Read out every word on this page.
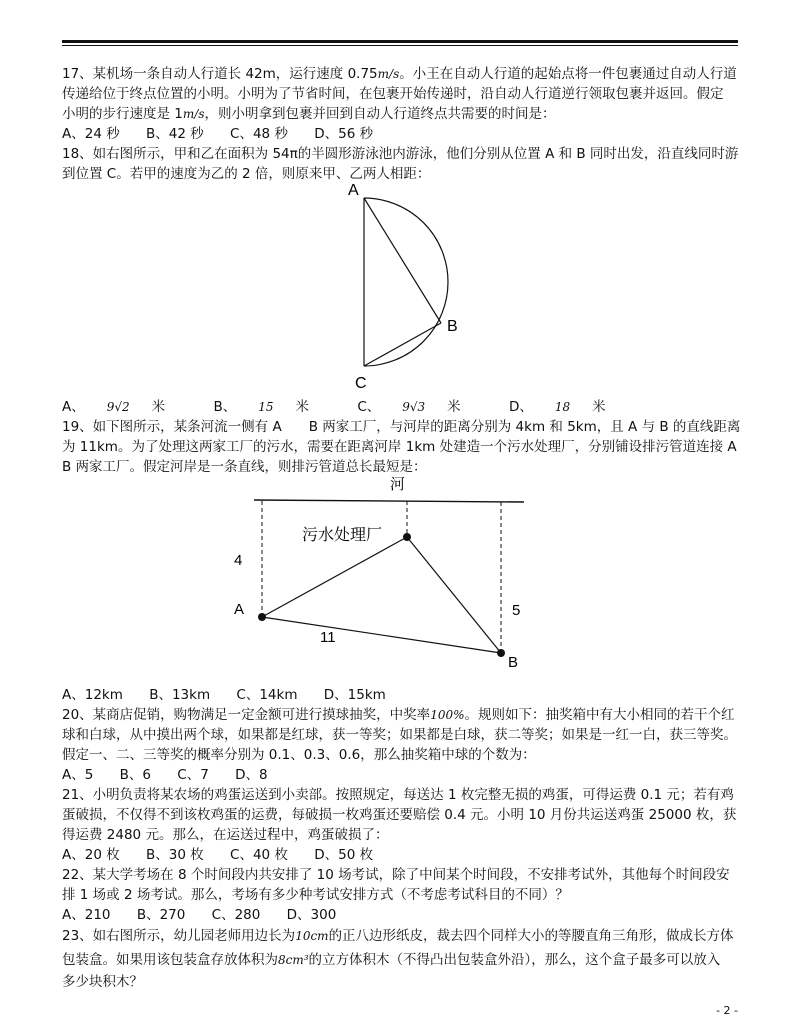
17、某机场一条自动人行道长 42m，运行速度 0.75m/s。小王在自动人行道的起始点将一件包裹通过自动人行道
传递给位于终点位置的小明。小明为了节省时间，在包裹开始传递时，沿自动人行道逆行领取包裹并返回。假定
小明的步行速度是 1m/s，则小明拿到包裹并回到自动人行道终点共需要的时间是：
A、24 秒 B、42 秒 C、48 秒 D、56 秒
18、如右图所示，甲和乙在面积为 54π的半圆形游泳池内游泳，他们分别从位置 A 和 B 同时出发，沿直线同时游
到位置 C。若甲的速度为乙的 2 倍，则原来甲、乙两人相距：
A
B
C
A、 9√2 米	B、 15 米	C、 9√3 米	D、 18 米
19、如下图所示，某条河流一侧有 A　　B 两家工厂，与河岸的距离分别为 4km 和 5km，且 A 与 B 的直线距离
为 11km。为了处理这两家工厂的污水，需要在距离河岸 1km 处建造一个污水处理厂，分别铺设排污管道连接 A
B 两家工厂。假定河岸是一条直线，则排污管道总长最短是：
河
污水处理厂
4
5
11
A
B
A、12km B、13km C、14km D、15km
20、某商店促销，购物满足一定金额可进行摸球抽奖，中奖率100%。规则如下：抽奖箱中有大小相同的若干个红
球和白球，从中摸出两个球，如果都是红球，获一等奖；如果都是白球，获二等奖；如果是一红一白，获三等奖。
假定一、二、三等奖的概率分别为 0.1、0.3、0.6，那么抽奖箱中球的个数为：
A、5 B、6 C、7 D、8
21、小明负责将某农场的鸡蛋运送到小卖部。按照规定，每送达 1 枚完整无损的鸡蛋，可得运费 0.1 元；若有鸡
蛋破损，不仅得不到该枚鸡蛋的运费，每破损一枚鸡蛋还要赔偿 0.4 元。小明 10 月份共运送鸡蛋 25000 枚，获
得运费 2480 元。那么，在运送过程中，鸡蛋破损了：
A、20 枚 B、30 枚 C、40 枚 D、50 枚
22、某大学考场在 8 个时间段内共安排了 10 场考试，除了中间某个时间段，不安排考试外，其他每个时间段安
排 1 场或 2 场考试。那么，考场有多少种考试安排方式（不考虑考试科目的不同）？
A、210 B、270 C、280 D、300
23、如右图所示，幼儿园老师用边长为10cm的正八边形纸皮，裁去四个同样大小的等腰直角三角形，做成长方体
包装盒。如果用该包装盒存放体积为8cm³的立方体积木（不得凸出包装盒外沿），那么，这个盒子最多可以放入
多少块积木？
- 2 -
